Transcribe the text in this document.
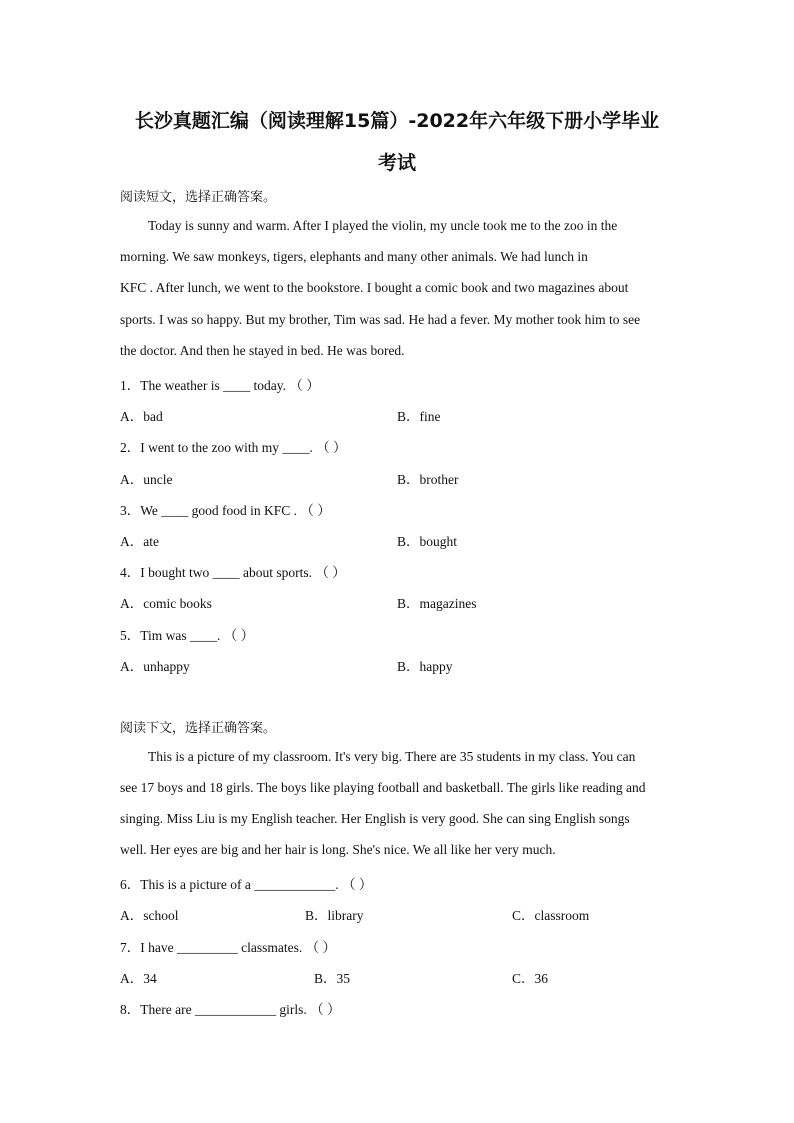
长沙真题汇编（阅读理解15篇）-2022年六年级下册小学毕业
考试
阅读短文，选择正确答案。
Today is sunny and warm. After I played the violin, my uncle took me to the zoo in the
morning. We saw monkeys, tigers, elephants and many other animals. We had lunch in
KFC . After lunch, we went to the bookstore. I bought a comic book and two magazines about
sports. I was so happy. But my brother, Tim was sad. He had a fever. My mother took him to see
the doctor. And then he stayed in bed. He was bored.
1．The weather is ____ today. （ ）
A．bad	B．fine
2．I went to the zoo with my ____. （ ）
A．uncle	B．brother
3．We ____ good food in KFC . （ ）
A．ate	B．bought
4．I bought two ____ about sports. （ ）
A．comic books	B．magazines
5．Tim was ____. （ ）
A．unhappy	B．happy
阅读下文，选择正确答案。
This is a picture of my classroom. It's very big. There are 35 students in my class. You can
see 17 boys and 18 girls. The boys like playing football and basketball. The girls like reading and
singing. Miss Liu is my English teacher. Her English is very good. She can sing English songs
well. Her eyes are big and her hair is long. She's nice. We all like her very much.
6．This is a picture of a ____________. （ ）
A．school	B．library	C．classroom
7．I have _________ classmates. （ ）
A．34	B．35	C．36
8．There are ____________ girls. （ ）
